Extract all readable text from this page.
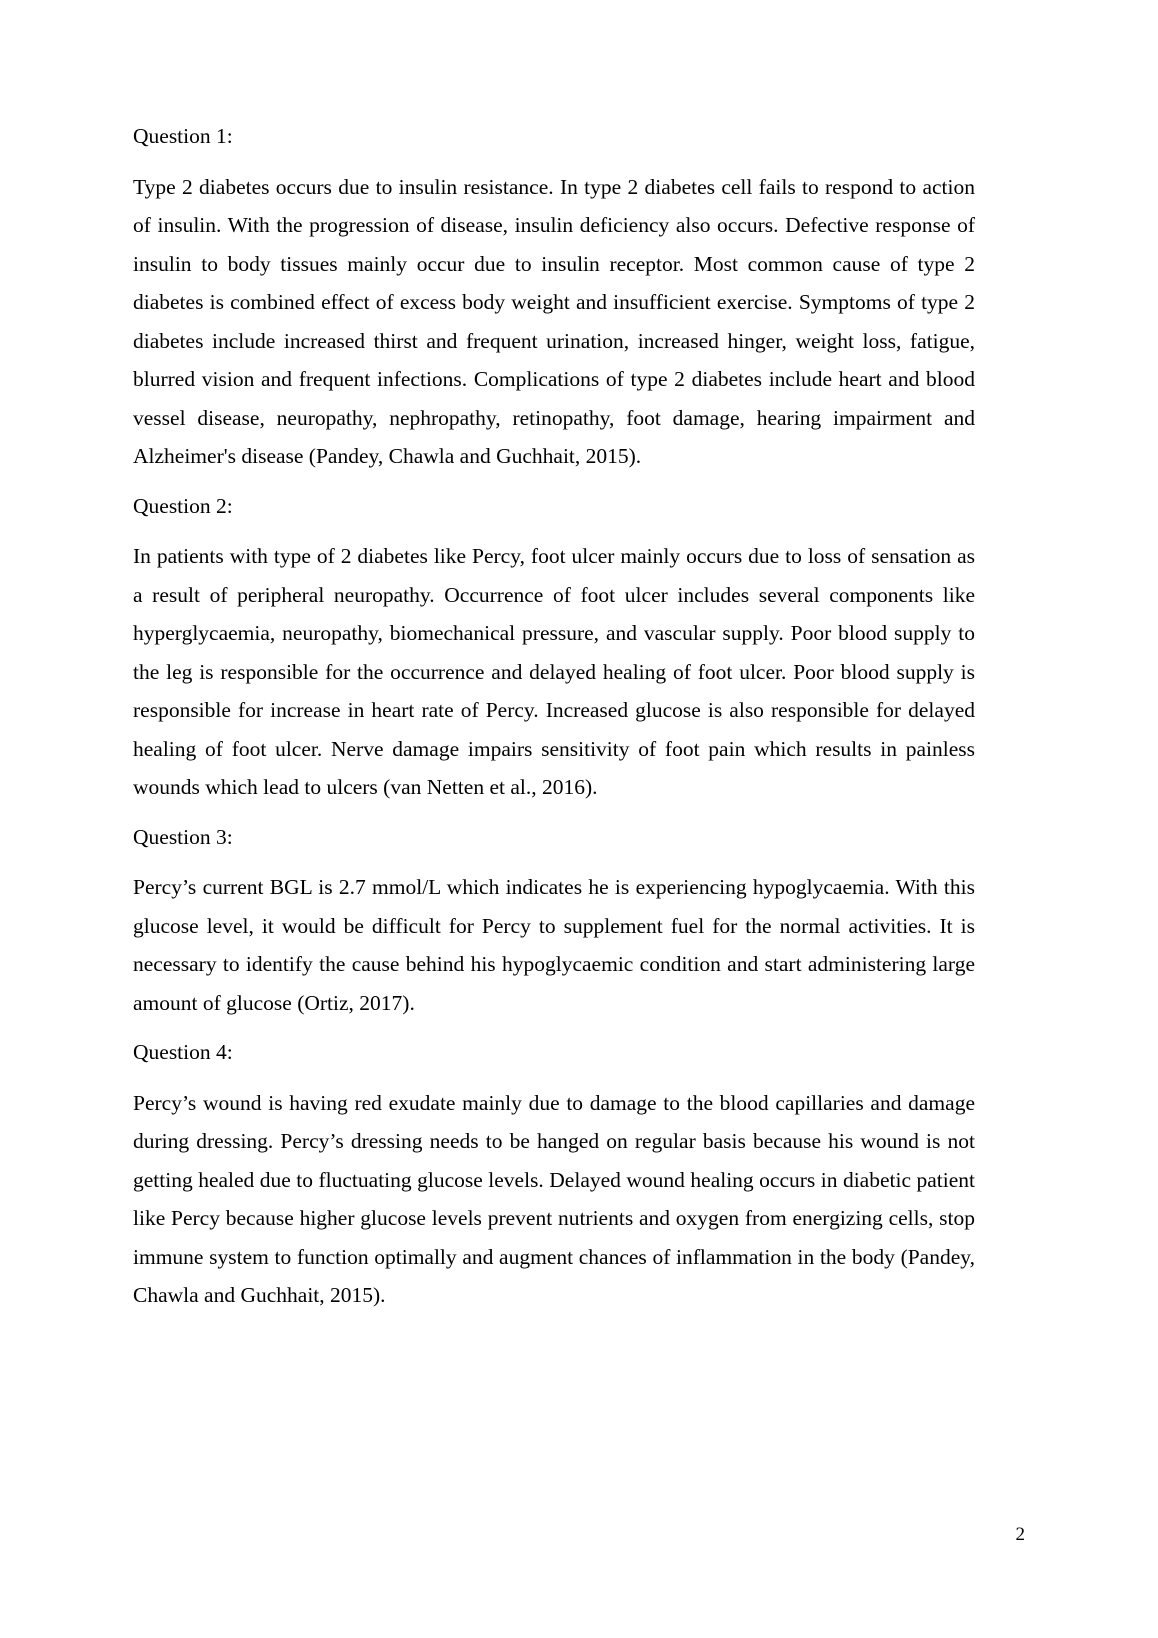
Question 1:

Type 2 diabetes occurs due to insulin resistance. In type 2 diabetes cell fails to respond to action of insulin. With the progression of disease, insulin deficiency also occurs. Defective response of insulin to body tissues mainly occur due to insulin receptor. Most common cause of type 2 diabetes is combined effect of excess body weight and insufficient exercise. Symptoms of type 2 diabetes include increased thirst and frequent urination, increased hinger, weight loss, fatigue, blurred vision and frequent infections. Complications of type 2 diabetes include heart and blood vessel disease, neuropathy, nephropathy, retinopathy, foot damage, hearing impairment and Alzheimer's disease (Pandey, Chawla and Guchhait, 2015).

Question 2:

In patients with type of 2 diabetes like Percy, foot ulcer mainly occurs due to loss of sensation as a result of peripheral neuropathy. Occurrence of foot ulcer includes several components like hyperglycaemia, neuropathy, biomechanical pressure, and vascular supply. Poor blood supply to the leg is responsible for the occurrence and delayed healing of foot ulcer. Poor blood supply is responsible for increase in heart rate of Percy. Increased glucose is also responsible for delayed healing of foot ulcer. Nerve damage impairs sensitivity of foot pain which results in painless wounds which lead to ulcers (van Netten et al., 2016).

Question 3:

Percy’s current BGL is 2.7 mmol/L which indicates he is experiencing hypoglycaemia. With this glucose level, it would be difficult for Percy to supplement fuel for the normal activities. It is necessary to identify the cause behind his hypoglycaemic condition and start administering large amount of glucose (Ortiz, 2017).

Question 4:

Percy’s wound is having red exudate mainly due to damage to the blood capillaries and damage during dressing. Percy’s dressing needs to be hanged on regular basis because his wound is not getting healed due to fluctuating glucose levels. Delayed wound healing occurs in diabetic patient like Percy because higher glucose levels prevent nutrients and oxygen from energizing cells, stop immune system to function optimally and augment chances of inflammation in the body (Pandey, Chawla and Guchhait, 2015).

2
